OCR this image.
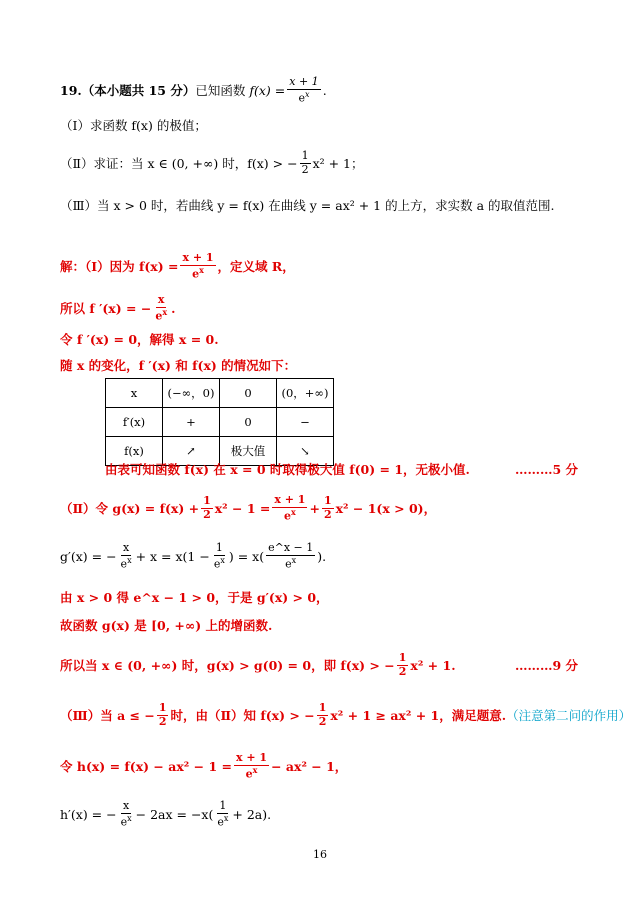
19.（本小题共 15 分） 已知函数 $f(x) = \frac{x + 1}{e^x}$ .
（Ⅰ）求函数 f(x) 的极值；
（Ⅱ）求证：当 x ∈ (0, +∞) 时，f(x) > − $\frac{1}{2} x^2 + 1$；
（Ⅲ）当 x > 0 时，若曲线 y = f(x) 在曲线 y = ax² + 1 的上方，求实数 a 的取值范围.
解：（Ⅰ）因为 $f(x) = \frac{x + 1}{e^x}$ ，定义域 R，
所以 f ′(x) = − $\frac{x}{e^x}$ .
令 f ′(x) = 0，解得 x = 0.
随 x 的变化，f ′(x) 和 f(x) 的情况如下：
x	(−∞，0)	0	(0，+∞)
f′(x)	+	0	−
f(x)	↗	极大值	↘
由表可知函数 f(x) 在 x = 0 时取得极大值 f(0) = 1，无极小值.	………5 分
（Ⅱ）令 $g(x) = f(x) + \frac{1}{2} x^2 - 1 = \frac{x + 1}{e^x} + \frac{1}{2} x^2 - 1(x > 0)$，
g′(x) = − $\frac{x}{e^x} + x = x(1 - \frac{1}{e^x}$ ) = $x( \frac{e\^{}x - 1}{e^x}$ ).
由 x > 0 得 e^x − 1 > 0，于是 g′(x) > 0，
故函数 g(x) 是 [0, +∞) 上的增函数.
所以当 x ∈ (0, +∞) 时，g(x) > g(0) = 0，即 f(x) > − $\frac{1}{2} x^2 + 1$.	………9 分
（Ⅲ）当 a ≤ − $\frac{1}{2}$ 时，由（Ⅱ）知 f(x) > − $\frac{1}{2} x^2 + 1 \ge ax^2 + 1$，满足题意. （注意第二问的作用）
令 $h(x) = f(x) - ax^2 - 1 = \frac{x + 1}{e^x} - ax^2 - 1$，
h′(x) = − $\frac{x}{e^x} - 2ax = -x( \frac{1}{e^x} + 2a)$.
16
